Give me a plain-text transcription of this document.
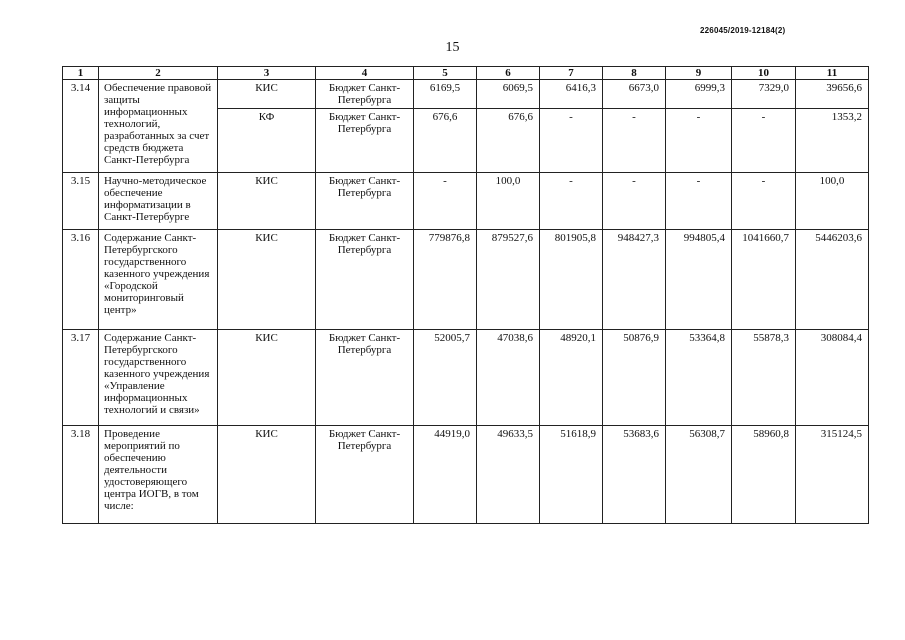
226045/2019-12184(2)
15
1	2	3	4	5	6	7	8	9	10	11
3.14	Обеспечение правовой защиты информационных технологий, разработанных за счет средств бюджета Санкт-Петербурга	КИС	Бюджет Санкт-Петербурга	6169,5	6069,5	6416,3	6673,0	6999,3	7329,0	39656,6
		КФ	Бюджет Санкт-Петербурга	676,6	676,6	-	-	-	-	1353,2
3.15	Научно-методическое обеспечение информатизации в Санкт-Петербурге	КИС	Бюджет Санкт-Петербурга	-	100,0	-	-	-	-	100,0
3.16	Содержание Санкт-Петербургского государственного казенного учреждения «Городской мониторинговый центр»	КИС	Бюджет Санкт-Петербурга	779876,8	879527,6	801905,8	948427,3	994805,4	1041660,7	5446203,6
3.17	Содержание Санкт-Петербургского государственного казенного учреждения «Управление информационных технологий и связи»	КИС	Бюджет Санкт-Петербурга	52005,7	47038,6	48920,1	50876,9	53364,8	55878,3	308084,4
3.18	Проведение мероприятий по обеспечению деятельности удостоверяющего центра ИОГВ, в том числе:	КИС	Бюджет Санкт-Петербурга	44919,0	49633,5	51618,9	53683,6	56308,7	58960,8	315124,5
